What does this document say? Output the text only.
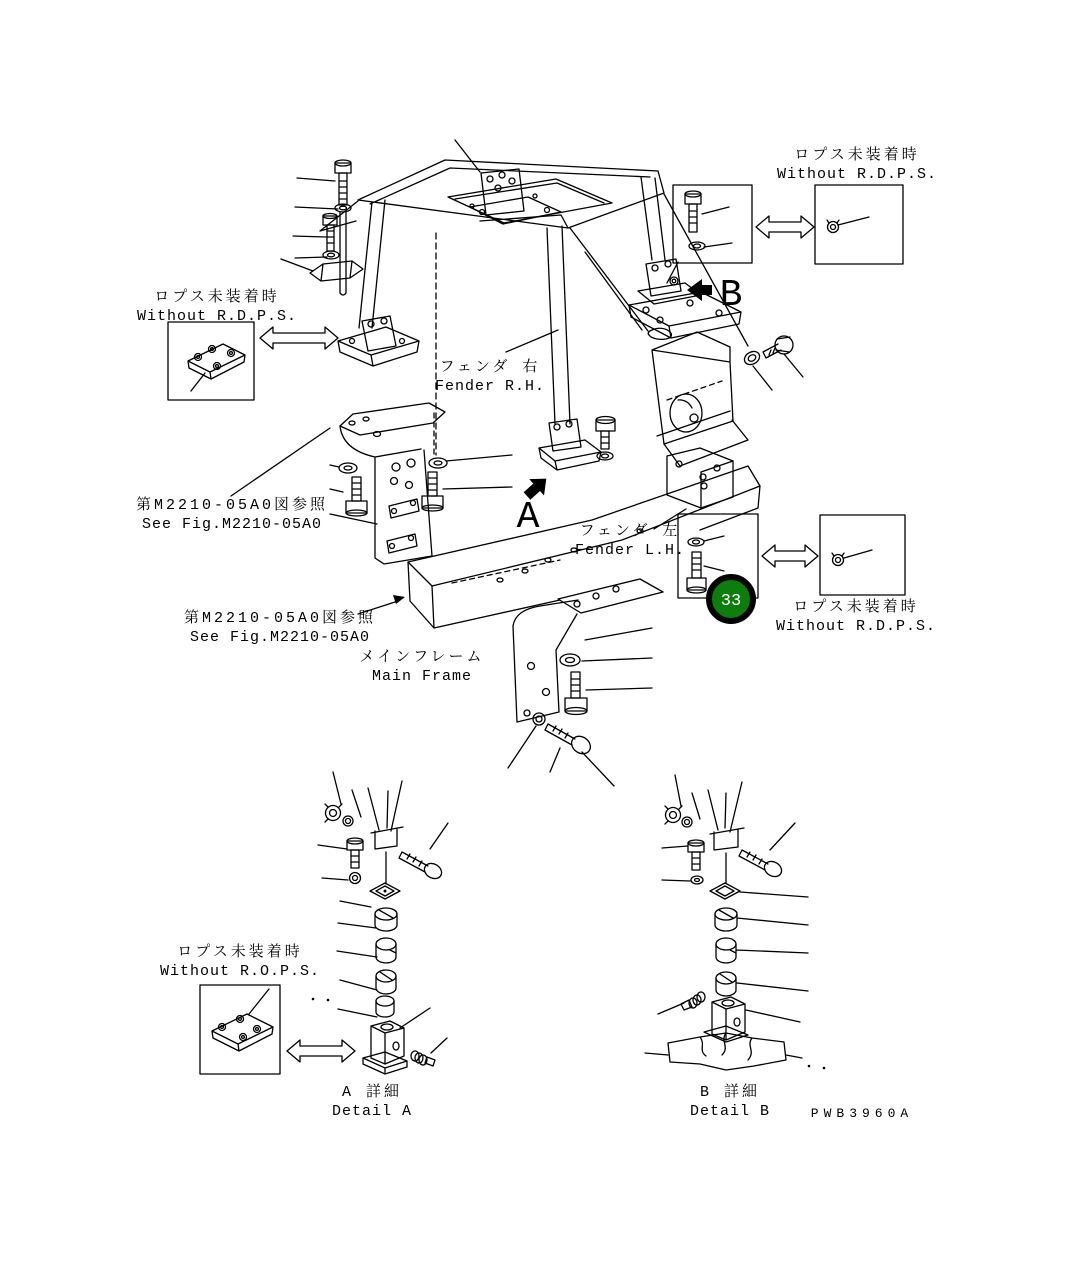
B
A
33
ロプス未装着時
Without R.D.P.S.
ロプス未装着時
Without R.D.P.S.
フェンダ 右
Fender R.H.
第M2210-05A0図参照
See Fig.M2210-05A0	フェンダ 左
Fender L.H.
ロプス未装着時
Without R.D.P.S.
第M2210-05A0図参照
See Fig.M2210-05A0
メインフレーム
Main Frame
ロプス未装着時
Without R.O.P.S.
A 詳細
Detail A
B 詳細
Detail B	PWB3960A
